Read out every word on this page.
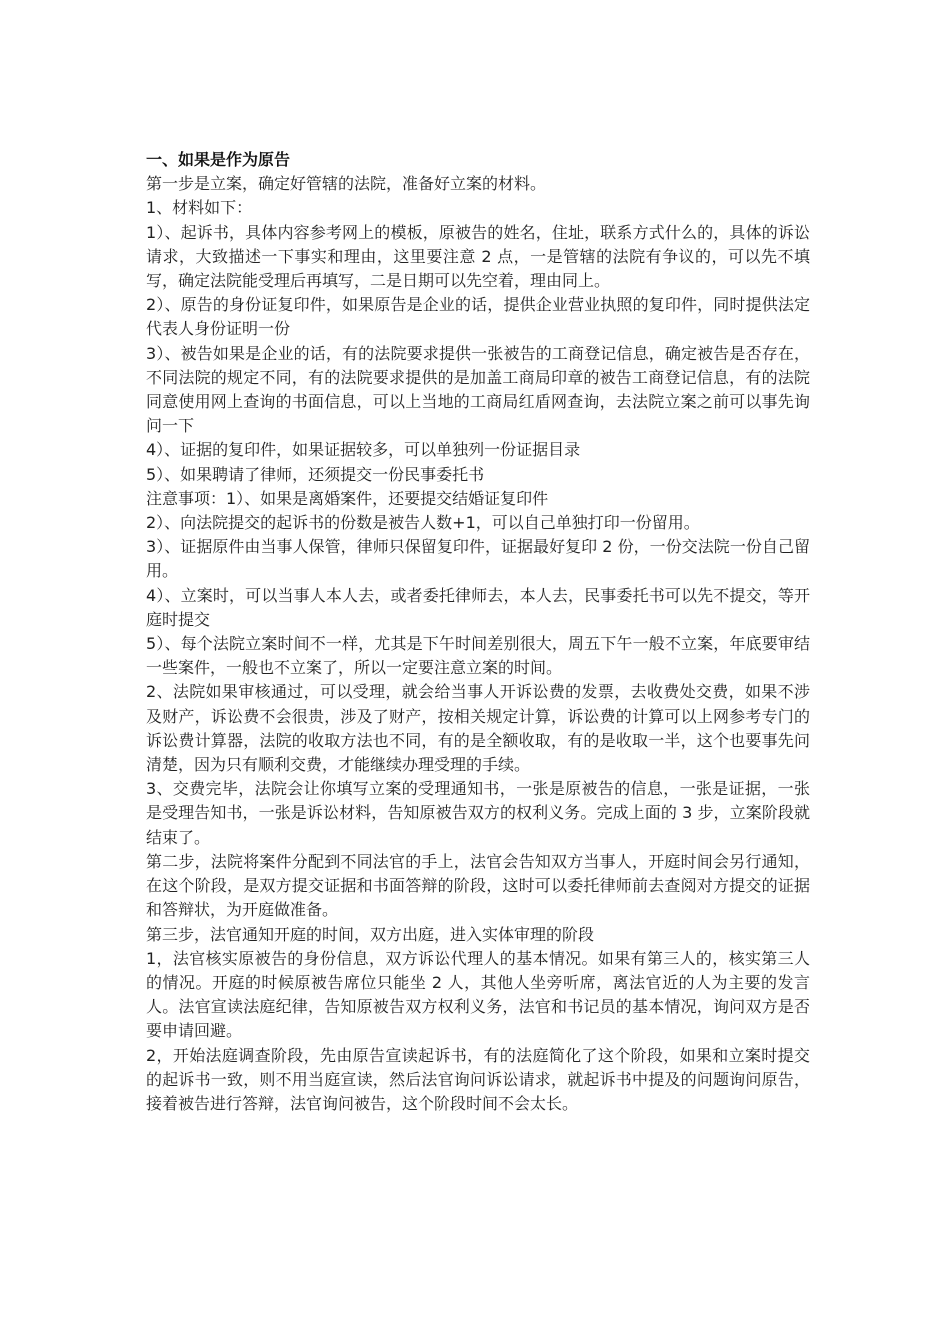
一、如果是作为原告

第一步是立案，确定好管辖的法院，准备好立案的材料。

1、材料如下：

1）、起诉书，具体内容参考网上的模板，原被告的姓名，住址，联系方式什么的，具体的诉讼请求，大致描述一下事实和理由，这里要注意 2 点，一是管辖的法院有争议的，可以先不填写，确定法院能受理后再填写，二是日期可以先空着，理由同上。

2）、原告的身份证复印件，如果原告是企业的话，提供企业营业执照的复印件，同时提供法定代表人身份证明一份

3）、被告如果是企业的话，有的法院要求提供一张被告的工商登记信息，确定被告是否存在，不同法院的规定不同，有的法院要求提供的是加盖工商局印章的被告工商登记信息，有的法院同意使用网上查询的书面信息，可以上当地的工商局红盾网查询，去法院立案之前可以事先询问一下

4）、证据的复印件，如果证据较多，可以单独列一份证据目录

5）、如果聘请了律师，还须提交一份民事委托书

注意事项：1）、如果是离婚案件，还要提交结婚证复印件

2）、向法院提交的起诉书的份数是被告人数+1，可以自己单独打印一份留用。

3）、证据原件由当事人保管，律师只保留复印件，证据最好复印 2 份，一份交法院一份自己留用。

4）、立案时，可以当事人本人去，或者委托律师去，本人去，民事委托书可以先不提交，等开庭时提交

5）、每个法院立案时间不一样，尤其是下午时间差别很大，周五下午一般不立案，年底要审结一些案件，一般也不立案了，所以一定要注意立案的时间。

2、法院如果审核通过，可以受理，就会给当事人开诉讼费的发票，去收费处交费，如果不涉及财产，诉讼费不会很贵，涉及了财产，按相关规定计算，诉讼费的计算可以上网参考专门的诉讼费计算器，法院的收取方法也不同，有的是全额收取，有的是收取一半，这个也要事先问清楚，因为只有顺利交费，才能继续办理受理的手续。

3、交费完毕，法院会让你填写立案的受理通知书，一张是原被告的信息，一张是证据，一张是受理告知书，一张是诉讼材料，告知原被告双方的权利义务。完成上面的 3 步，立案阶段就结束了。

第二步，法院将案件分配到不同法官的手上，法官会告知双方当事人，开庭时间会另行通知，在这个阶段，是双方提交证据和书面答辩的阶段，这时可以委托律师前去查阅对方提交的证据和答辩状，为开庭做准备。

第三步，法官通知开庭的时间，双方出庭，进入实体审理的阶段

1，法官核实原被告的身份信息，双方诉讼代理人的基本情况。如果有第三人的，核实第三人的情况。开庭的时候原被告席位只能坐 2 人，其他人坐旁听席，离法官近的人为主要的发言人。法官宣读法庭纪律，告知原被告双方权利义务，法官和书记员的基本情况，询问双方是否要申请回避。

2，开始法庭调查阶段，先由原告宣读起诉书，有的法庭简化了这个阶段，如果和立案时提交的起诉书一致，则不用当庭宣读，然后法官询问诉讼请求，就起诉书中提及的问题询问原告，接着被告进行答辩，法官询问被告，这个阶段时间不会太长。
